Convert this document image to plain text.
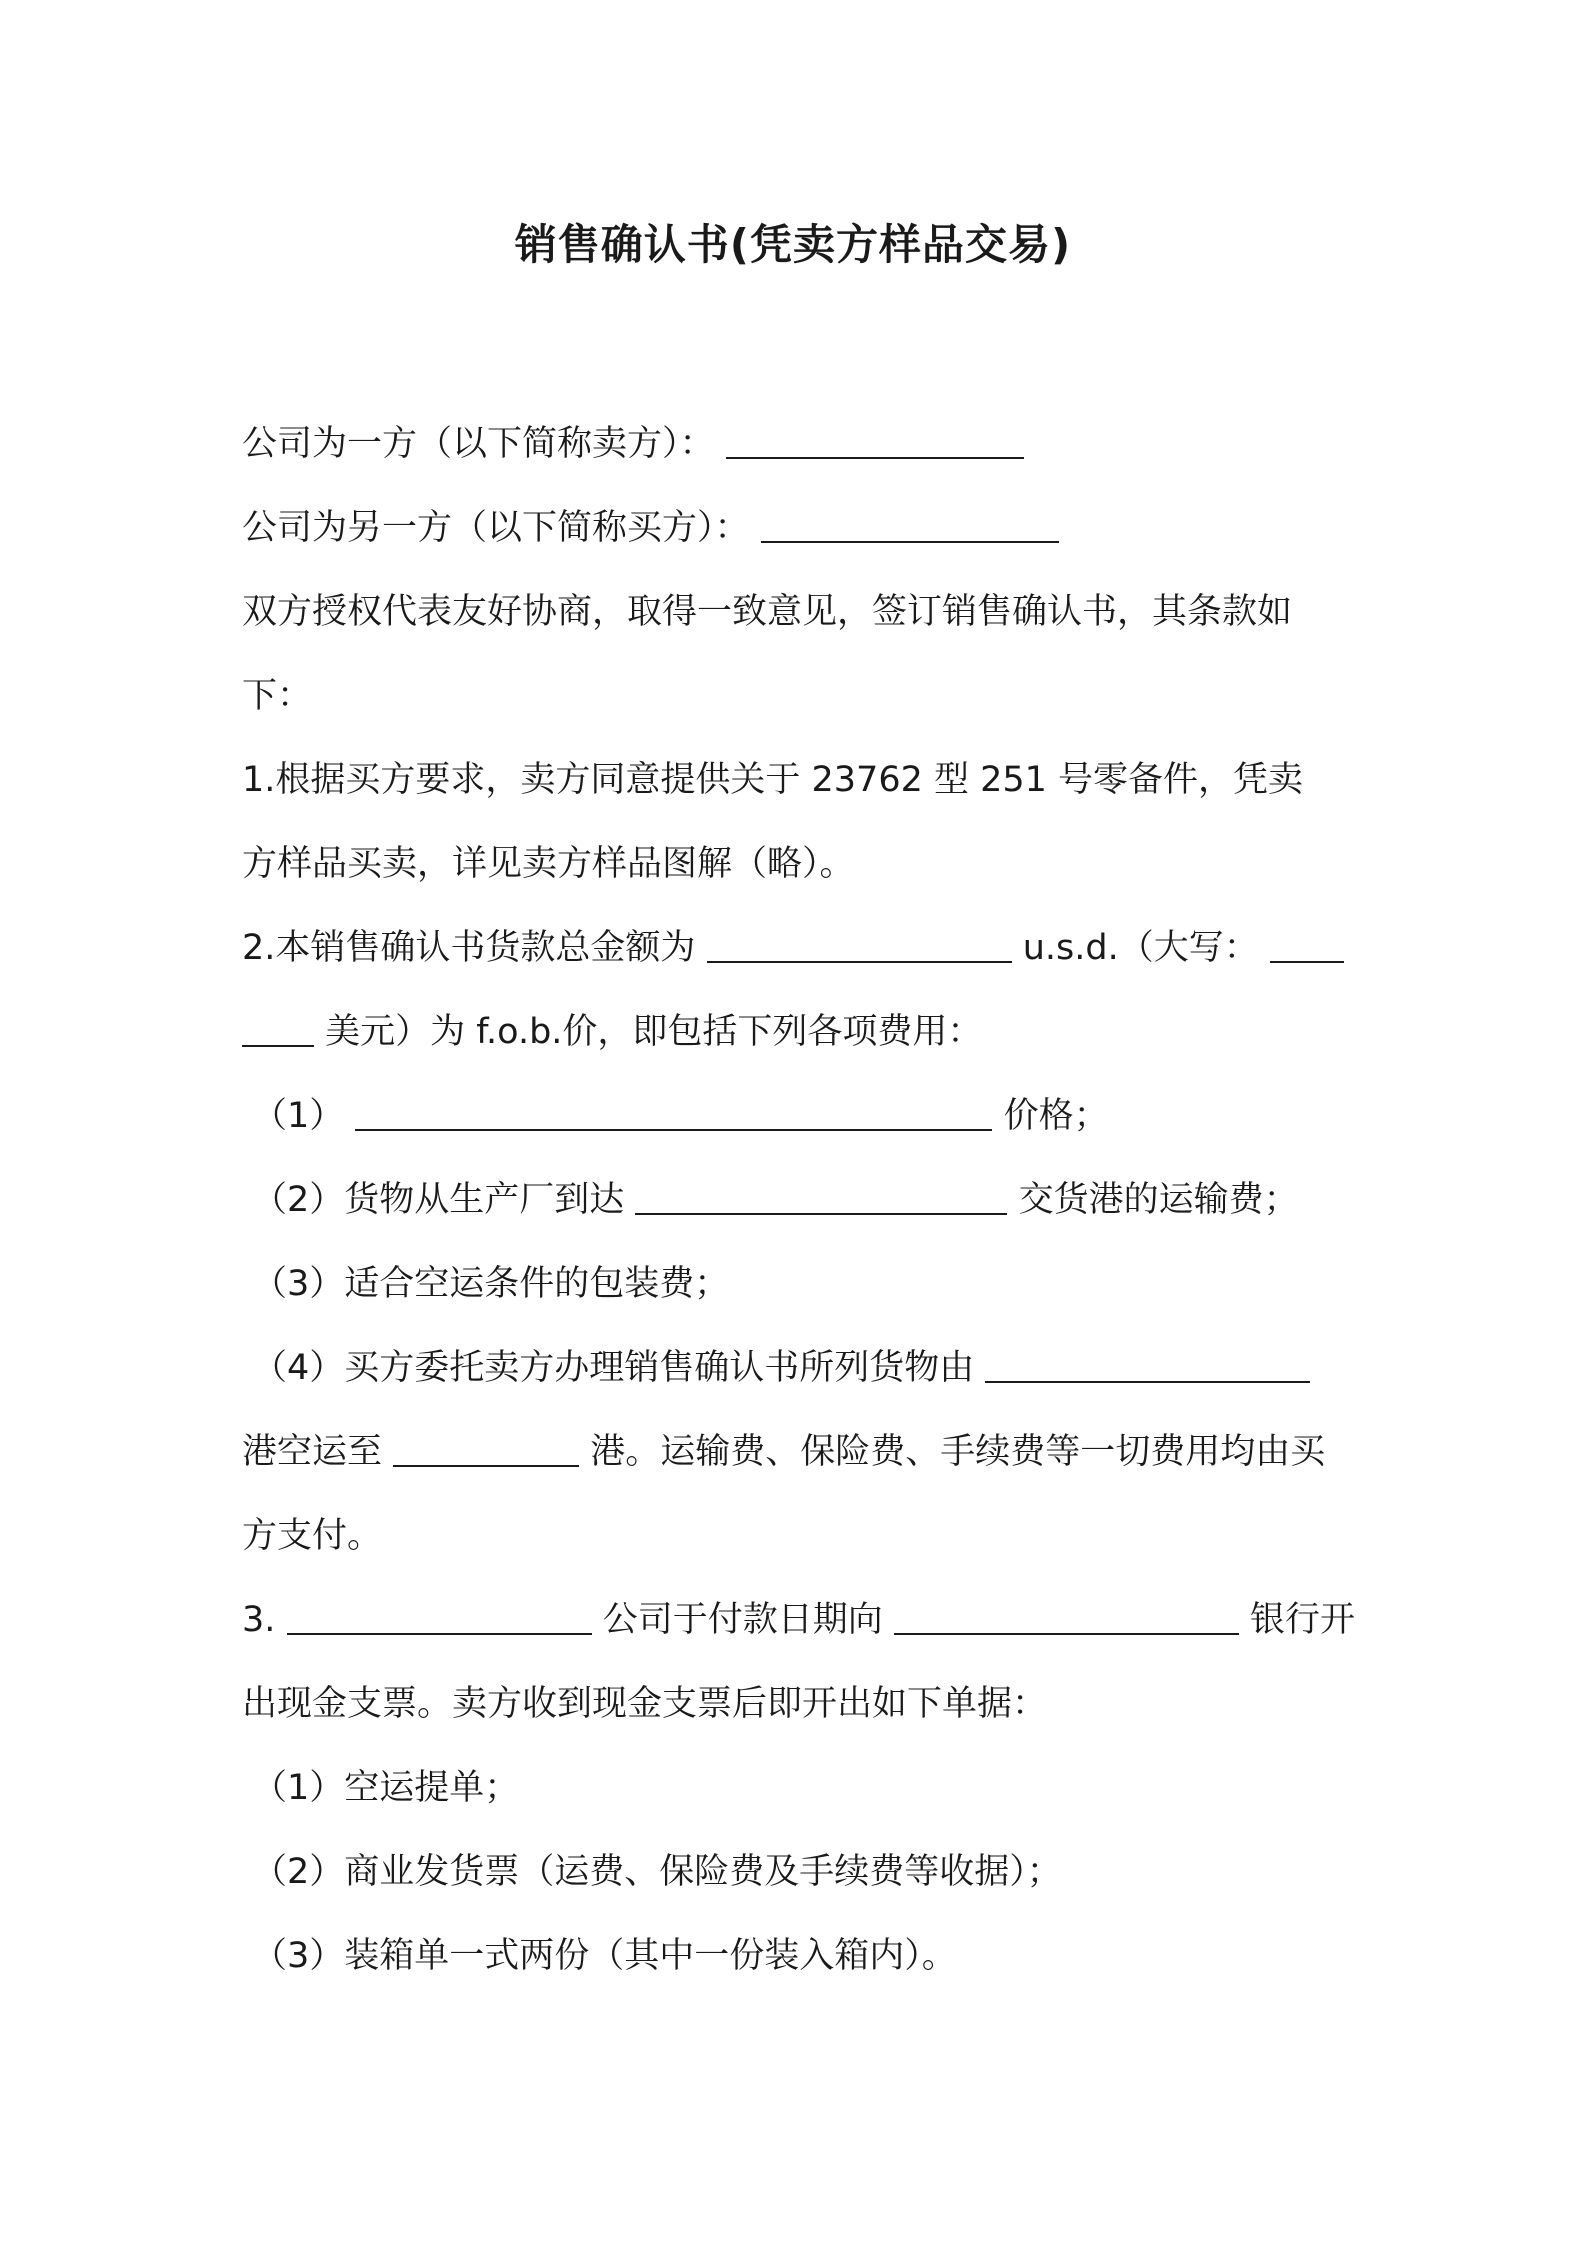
销售确认书(凭卖方样品交易)
公司为一方（以下简称卖方）：
公司为另一方（以下简称买方）：
双方授权代表友好协商，取得一致意见，签订销售确认书，其条款如
下：
1.根据买方要求，卖方同意提供关于 23762 型 251 号零备件，凭卖
方样品买卖，详见卖方样品图解（略）。
2.本销售确认书货款总金额为	u.s.d.（大写：
美元）为 f.o.b.价，即包括下列各项费用：
（1）	价格；
（2）货物从生产厂到达	交货港的运输费；
（3）适合空运条件的包装费；
（4）买方委托卖方办理销售确认书所列货物由
港空运至	港。运输费、保险费、手续费等一切费用均由买
方支付。
3.	公司于付款日期向	银行开
出现金支票。卖方收到现金支票后即开出如下单据：
（1）空运提单；
（2）商业发货票（运费、保险费及手续费等收据）；
（3）装箱单一式两份（其中一份装入箱内）。
